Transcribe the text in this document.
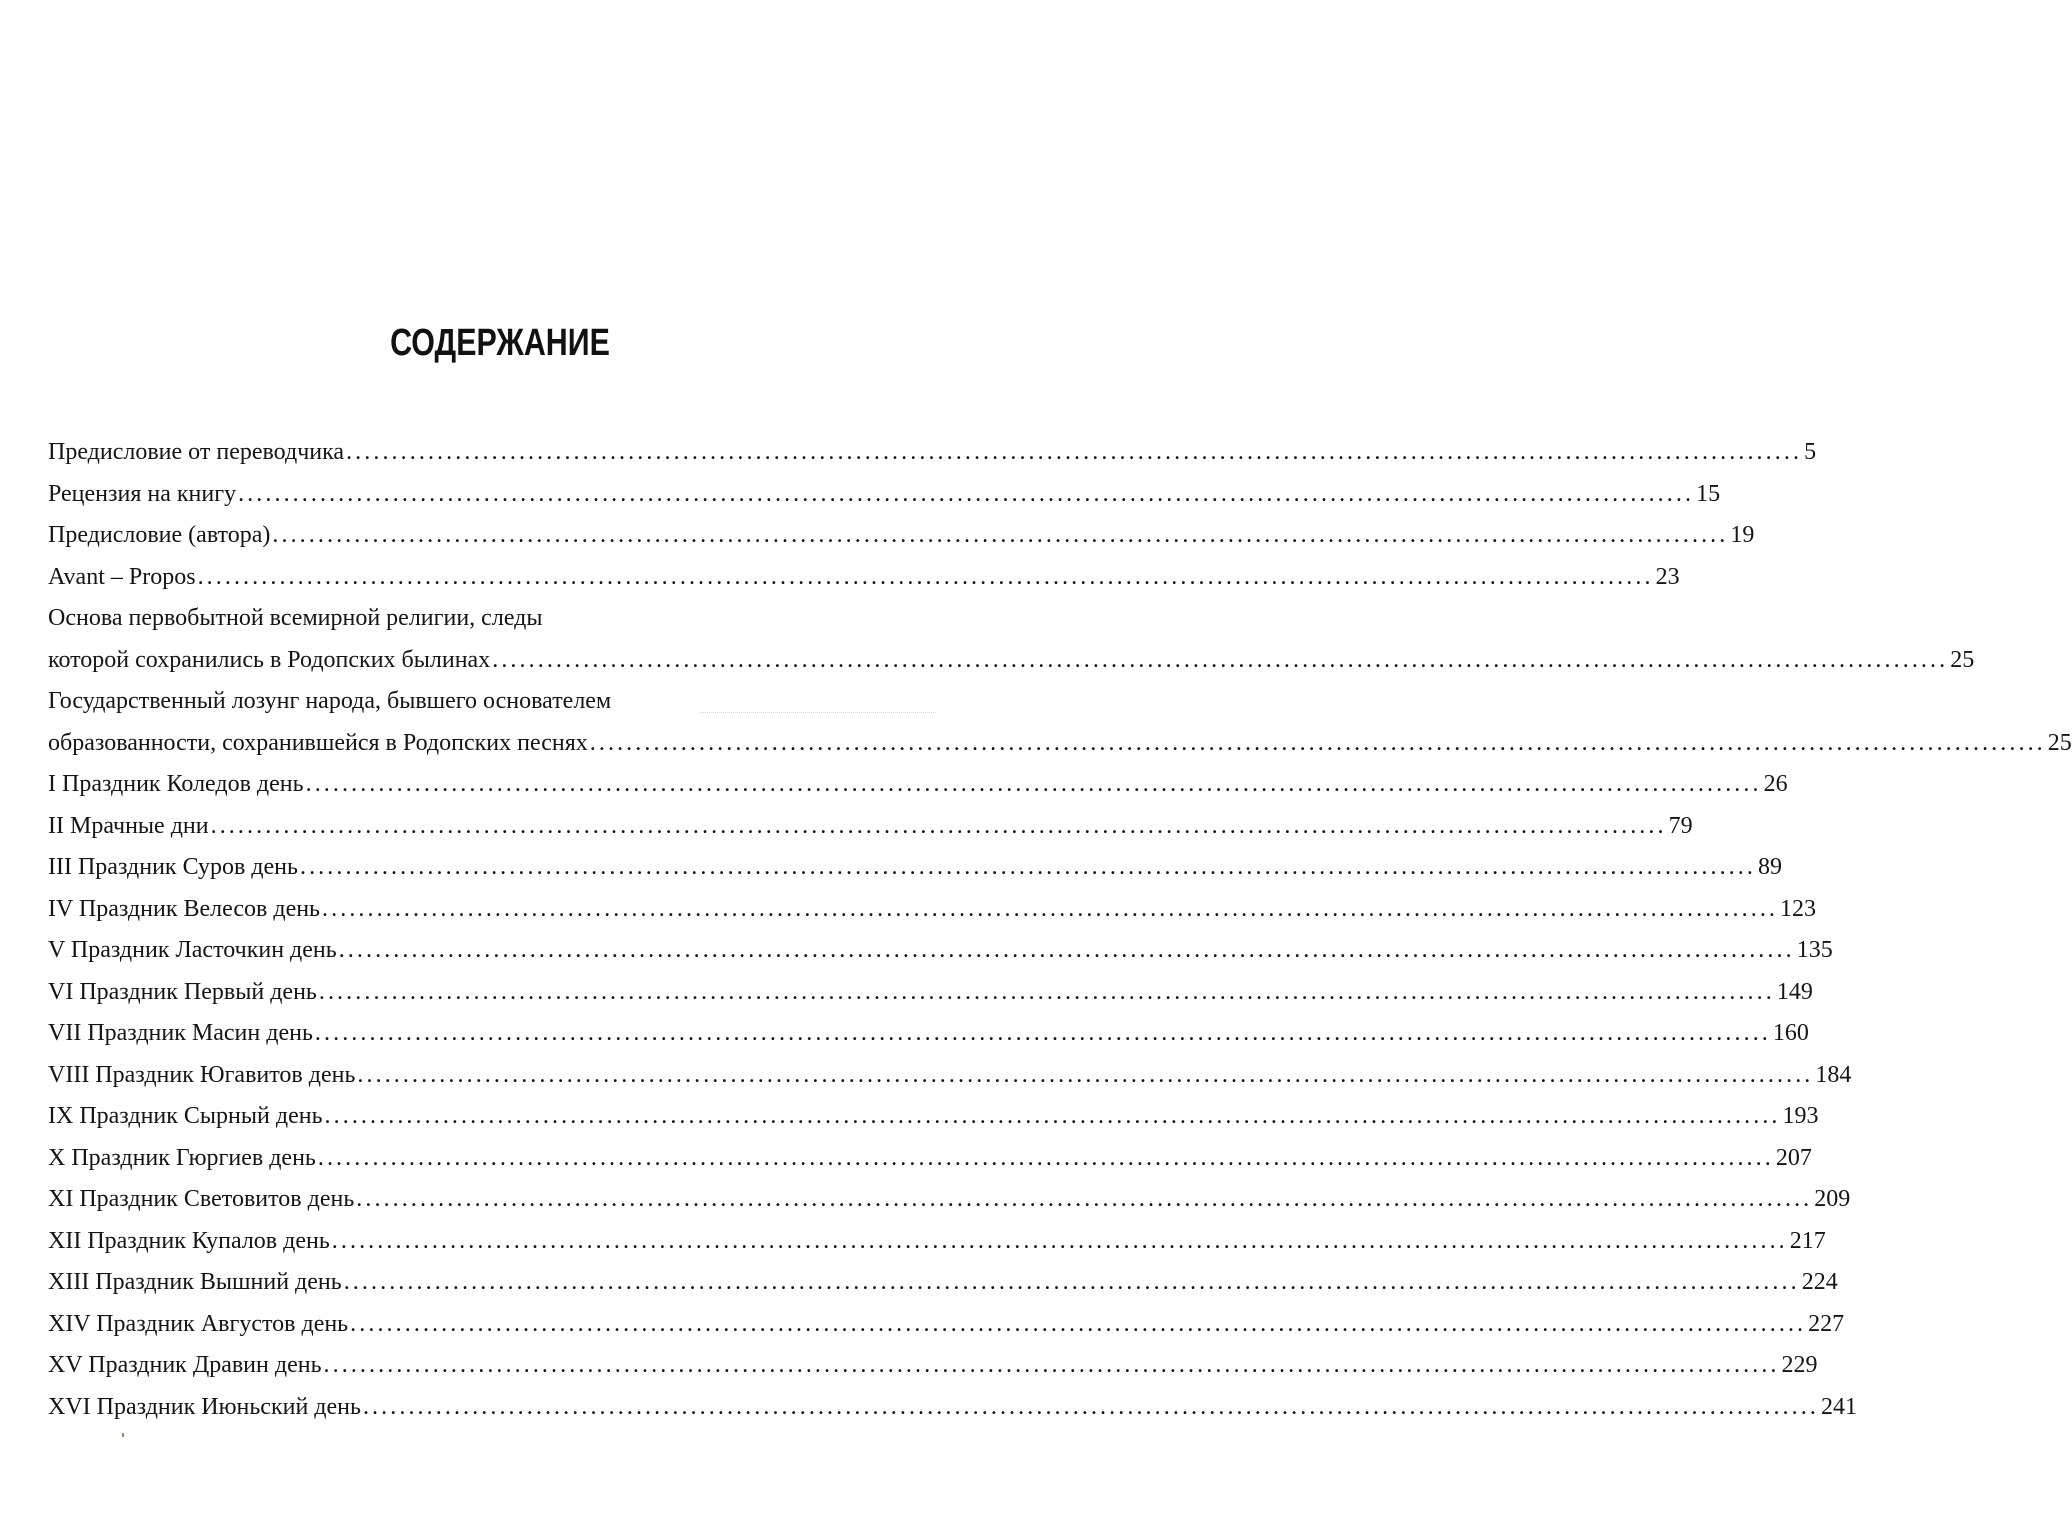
СОДЕРЖАНИЕ
Предисловие от переводчика ................................................................................................................................................................ 5
Рецензия на книгу ................................................................................................................................................................ 15
Предисловие (автора) ................................................................................................................................................................ 19
Avant – Propos ................................................................................................................................................................ 23
Основа первобытной всемирной религии, следы
которой сохранились в Родопских былинах ................................................................................................................................................................ 25
Государственный лозунг народа, бывшего основателем
образованности, сохранившейся в Родопских песнях ................................................................................................................................................................ 25
I Праздник Коледов день ................................................................................................................................................................ 26
II Мрачные дни ................................................................................................................................................................ 79
III Праздник Суров день ................................................................................................................................................................ 89
IV Праздник Велесов день ................................................................................................................................................................ 123
V Праздник Ласточкин день ................................................................................................................................................................ 135
VI Праздник Первый день ................................................................................................................................................................ 149
VII Праздник Масин день ................................................................................................................................................................ 160
VIII Праздник Югавитов день ................................................................................................................................................................ 184
IX Праздник Сырный день ................................................................................................................................................................ 193
X Праздник Гюргиев день ................................................................................................................................................................ 207
XI Праздник Световитов день ................................................................................................................................................................ 209
XII Праздник Купалов день ................................................................................................................................................................ 217
XIII Праздник Вышний день ................................................................................................................................................................ 224
XIV Праздник Августов день ................................................................................................................................................................ 227
XV Праздник Дравин день ................................................................................................................................................................ 229
XVI Праздник Июньский день ................................................................................................................................................................ 241
